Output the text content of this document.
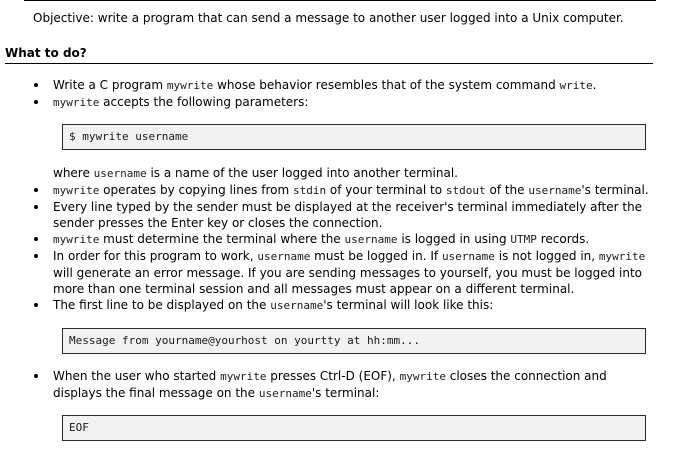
Objective: write a program that can send a message to another user logged into a Unix computer.
What to do?
Write a C program mywrite whose behavior resembles that of the system command write.
mywrite accepts the following parameters:
$ mywrite username
where username is a name of the user logged into another terminal.
mywrite operates by copying lines from stdin of your terminal to stdout of the username's terminal.
Every line typed by the sender must be displayed at the receiver's terminal immediately after the sender presses the Enter key or closes the connection.
mywrite must determine the terminal where the username is logged in using UTMP records.
In order for this program to work, username must be logged in. If username is not logged in, mywrite will generate an error message. If you are sending messages to yourself, you must be logged into more than one terminal session and all messages must appear on a different terminal.
The first line to be displayed on the username's terminal will look like this:
Message from yourname@yourhost on yourtty at hh:mm...
When the user who started mywrite presses Ctrl-D (EOF), mywrite closes the connection and displays the final message on the username's terminal:
EOF
